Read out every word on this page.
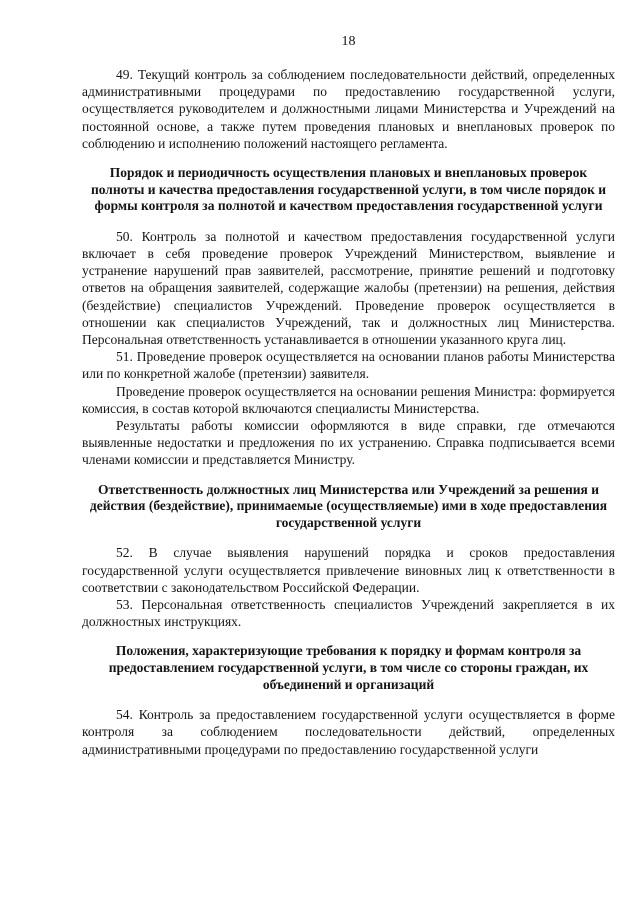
18

49. Текущий контроль за соблюдением последовательности действий, определенных административными процедурами по предоставлению государственной услуги, осуществляется руководителем и должностными лицами Министерства и Учреждений на постоянной основе, а также путем проведения плановых и внеплановых проверок по соблюдению и исполнению положений настоящего регламента.

Порядок и периодичность осуществления плановых и внеплановых проверок полноты и качества предоставления государственной услуги, в том числе порядок и формы контроля за полнотой и качеством предоставления государственной услуги

50. Контроль за полнотой и качеством предоставления государственной услуги включает в себя проведение проверок Учреждений Министерством, выявление и устранение нарушений прав заявителей, рассмотрение, принятие решений и подготовку ответов на обращения заявителей, содержащие жалобы (претензии) на решения, действия (бездействие) специалистов Учреждений. Проведение проверок осуществляется в отношении как специалистов Учреждений, так и должностных лиц Министерства. Персональная ответственность устанавливается в отношении указанного круга лиц.

51. Проведение проверок осуществляется на основании планов работы Министерства или по конкретной жалобе (претензии) заявителя.

Проведение проверок осуществляется на основании решения Министра: формируется комиссия, в состав которой включаются специалисты Министерства.

Результаты работы комиссии оформляются в виде справки, где отмечаются выявленные недостатки и предложения по их устранению. Справка подписывается всеми членами комиссии и представляется Министру.

Ответственность должностных лиц Министерства или Учреждений за решения и действия (бездействие), принимаемые (осуществляемые) ими в ходе предоставления государственной услуги

52. В случае выявления нарушений порядка и сроков предоставления государственной услуги осуществляется привлечение виновных лиц к ответственности в соответствии с законодательством Российской Федерации.

53. Персональная ответственность специалистов Учреждений закрепляется в их должностных инструкциях.

Положения, характеризующие требования к порядку и формам контроля за предоставлением государственной услуги, в том числе со стороны граждан, их объединений и организаций

54. Контроль за предоставлением государственной услуги осуществляется в форме контроля за соблюдением последовательности действий, определенных административными процедурами по предоставлению государственной услуги
